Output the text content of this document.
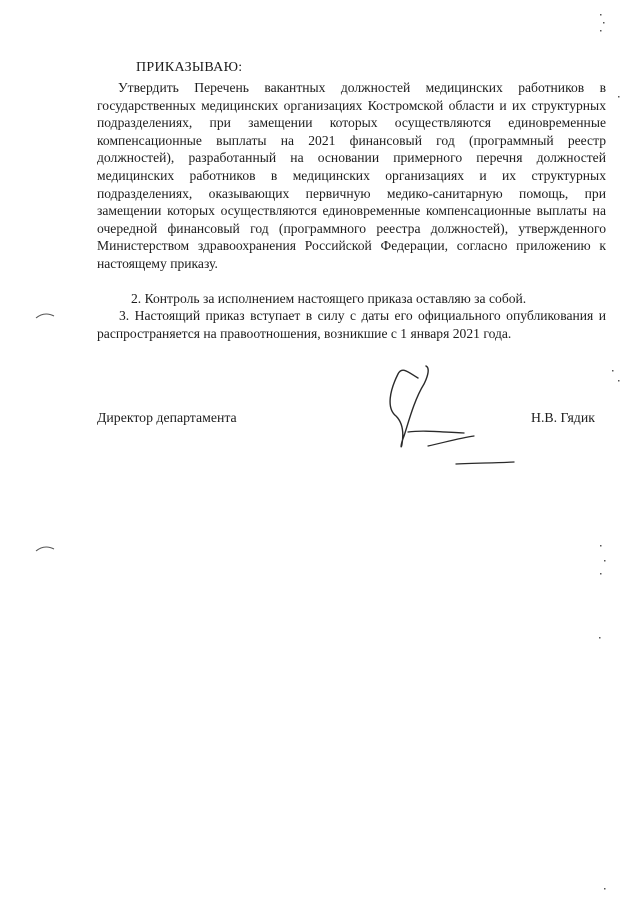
ПРИКАЗЫВАЮ:
Утвердить Перечень вакантных должностей медицинских работников в государственных медицинских организациях Костромской области и их структурных подразделениях, при замещении которых осуществляются единовременные компенсационные выплаты на 2021 финансовый год (программный реестр должностей), разработанный на основании примерного перечня должностей медицинских работников в медицинских организациях и их структурных подразделениях, оказывающих первичную медико-санитарную помощь, при замещении которых осуществляются единовременные компенсационные выплаты на очередной финансовый год (программного реестра должностей), утвержденного Министерством здравоохранения Российской Федерации, согласно приложению к настоящему приказу.
2. Контроль за исполнением настоящего приказа оставляю за собой.
3. Настоящий приказ вступает в силу с даты его официального опубликования и распространяется на правоотношения, возникшие с 1 января 2021 года.
Директор департамента	Н.В. Гядик
